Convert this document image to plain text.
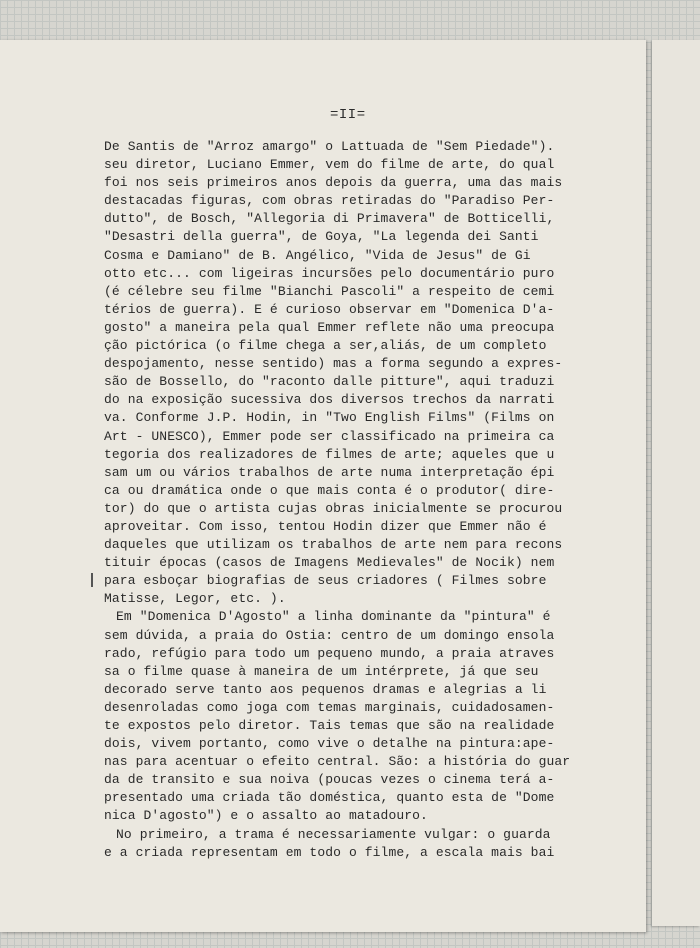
=II=
De Santis de "Arroz amargo" o Lattuada de "Sem Piedade").
seu diretor, Luciano Emmer, vem do filme de arte, do qual
foi nos seis primeiros anos depois da guerra, uma das mais
destacadas figuras, com obras retiradas do "Paradiso Per-
dutto", de Bosch, "Allegoria di Primavera" de Botticelli,
"Desastri della guerra", de Goya, "La legenda dei Santi
Cosma e Damiano" de B. Angélico, "Vida de Jesus" de Gi
otto etc... com ligeiras incursões pelo documentário puro
(é célebre seu filme "Bianchi Pascoli" a respeito de cemi
térios de guerra). E é curioso observar em "Domenica D'a-
gosto" a maneira pela qual Emmer reflete não uma preocupa
ção pictórica (o filme chega a ser,aliás, de um completo
despojamento, nesse sentido) mas a forma segundo a expres-
são de Bossello, do "raconto dalle pitture", aqui traduzi
do na exposição sucessiva dos diversos trechos da narrati
va. Conforme J.P. Hodin, in "Two English Films" (Films on
Art - UNESCO), Emmer pode ser classificado na primeira ca
tegoria dos realizadores de filmes de arte; aqueles que u
sam um ou vários trabalhos de arte numa interpretação épi
ca ou dramática onde o que mais conta é o produtor( dire-
tor) do que o artista cujas obras inicialmente se procurou
aproveitar. Com isso, tentou Hodin dizer que Emmer não é
daqueles que utilizam os trabalhos de arte nem para recons
tituir épocas (casos de Imagens Medievales" de Nocik) nem
para esboçar biografias de seus criadores ( Filmes sobre
Matisse, Legor, etc. ).
Em "Domenica D'Agosto" a linha dominante da "pintura" é
sem dúvida, a praia do Ostia: centro de um domingo ensola
rado, refúgio para todo um pequeno mundo, a praia atraves
sa o filme quase à maneira de um intérprete, já que seu
decorado serve tanto aos pequenos dramas e alegrias a li
desenroladas como joga com temas marginais, cuidadosamen-
te expostos pelo diretor. Tais temas que são na realidade
dois, vivem portanto, como vive o detalhe na pintura:ape-
nas para acentuar o efeito central. São: a história do guar
da de transito e sua noiva (poucas vezes o cinema terá a-
presentado uma criada tão doméstica, quanto esta de "Dome
nica D'agosto") e o assalto ao matadouro.
No primeiro, a trama é necessariamente vulgar: o guarda
e a criada representam em todo o filme, a escala mais bai
